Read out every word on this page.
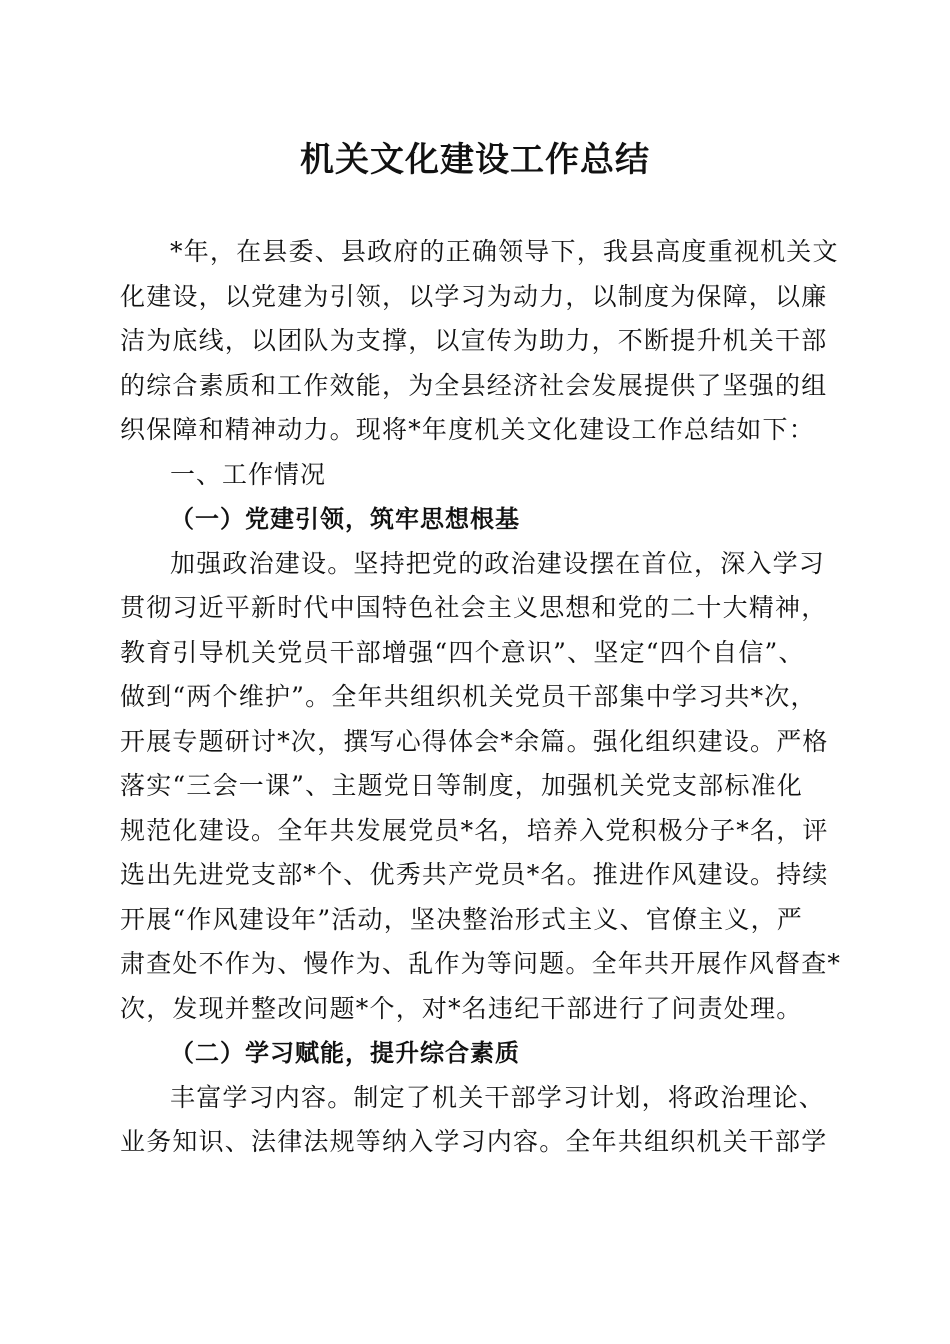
机关文化建设工作总结

*年，在县委、县政府的正确领导下，我县高度重视机关文
化建设，以党建为引领，以学习为动力，以制度为保障，以廉
洁为底线，以团队为支撑，以宣传为助力，不断提升机关干部
的综合素质和工作效能，为全县经济社会发展提供了坚强的组
织保障和精神动力。现将*年度机关文化建设工作总结如下：

一、工作情况

（一）党建引领，筑牢思想根基

加强政治建设。坚持把党的政治建设摆在首位，深入学习
贯彻习近平新时代中国特色社会主义思想和党的二十大精神，
教育引导机关党员干部增强“四个意识”、坚定“四个自信”、
做到“两个维护”。全年共组织机关党员干部集中学习共*次，
开展专题研讨*次，撰写心得体会*余篇。强化组织建设。严格
落实“三会一课”、主题党日等制度，加强机关党支部标准化
规范化建设。全年共发展党员*名，培养入党积极分子*名，评
选出先进党支部*个、优秀共产党员*名。推进作风建设。持续
开展“作风建设年”活动，坚决整治形式主义、官僚主义，严
肃查处不作为、慢作为、乱作为等问题。全年共开展作风督查*
次，发现并整改问题*个，对*名违纪干部进行了问责处理。

（二）学习赋能，提升综合素质

丰富学习内容。制定了机关干部学习计划，将政治理论、
业务知识、法律法规等纳入学习内容。全年共组织机关干部学
